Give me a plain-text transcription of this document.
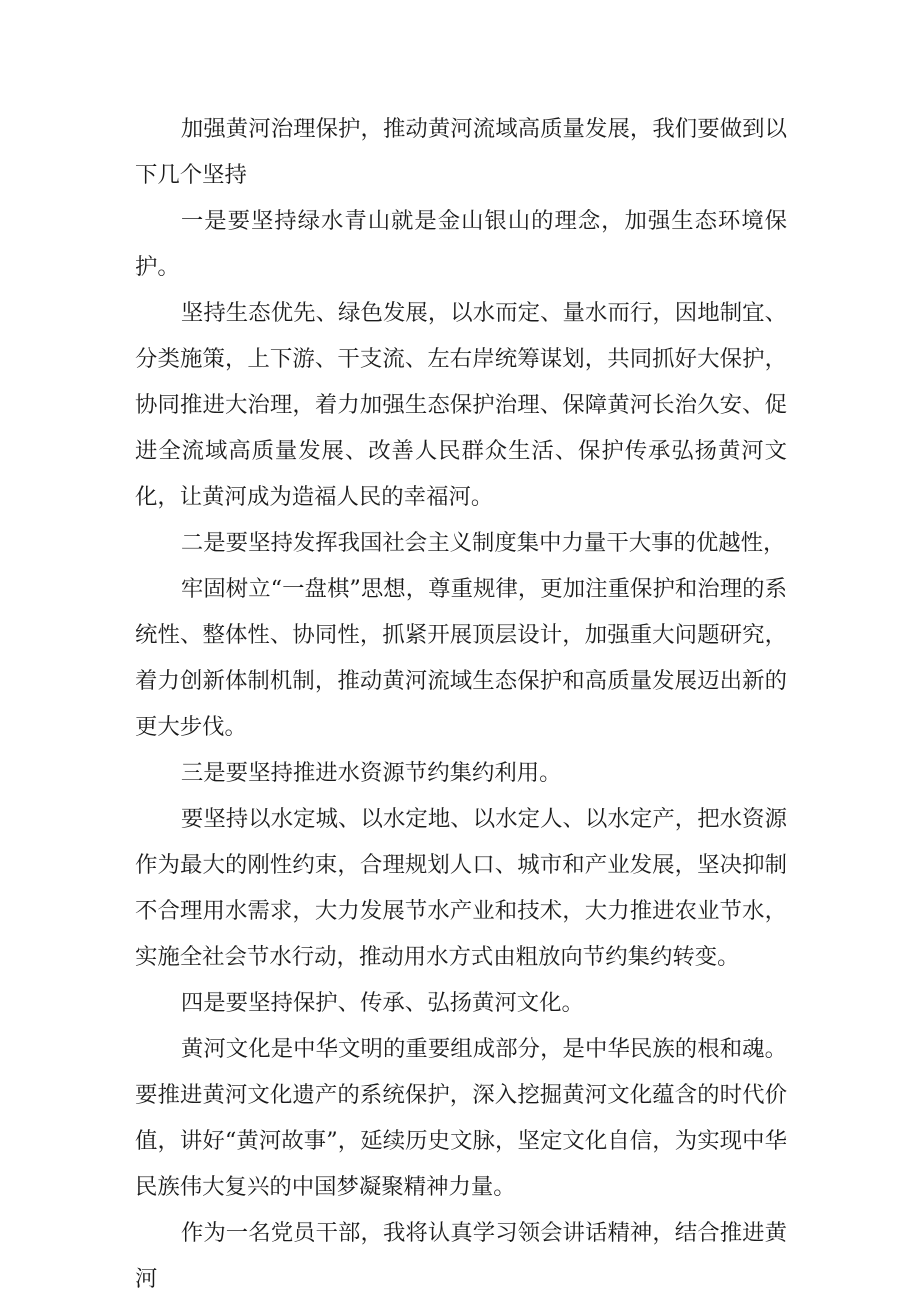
加强黄河治理保护，推动黄河流域高质量发展，我们要做到以下几个坚持

一是要坚持绿水青山就是金山银山的理念，加强生态环境保护。

坚持生态优先、绿色发展，以水而定、量水而行，因地制宜、分类施策，上下游、干支流、左右岸统筹谋划，共同抓好大保护，协同推进大治理，着力加强生态保护治理、保障黄河长治久安、促进全流域高质量发展、改善人民群众生活、保护传承弘扬黄河文化，让黄河成为造福人民的幸福河。

二是要坚持发挥我国社会主义制度集中力量干大事的优越性，

牢固树立“一盘棋”思想，尊重规律，更加注重保护和治理的系统性、整体性、协同性，抓紧开展顶层设计，加强重大问题研究，着力创新体制机制，推动黄河流域生态保护和高质量发展迈出新的更大步伐。

三是要坚持推进水资源节约集约利用。

要坚持以水定城、以水定地、以水定人、以水定产，把水资源作为最大的刚性约束，合理规划人口、城市和产业发展，坚决抑制不合理用水需求，大力发展节水产业和技术，大力推进农业节水，实施全社会节水行动，推动用水方式由粗放向节约集约转变。

四是要坚持保护、传承、弘扬黄河文化。

黄河文化是中华文明的重要组成部分，是中华民族的根和魂。要推进黄河文化遗产的系统保护，深入挖掘黄河文化蕴含的时代价值，讲好“黄河故事”，延续历史文脉，坚定文化自信，为实现中华民族伟大复兴的中国梦凝聚精神力量。

作为一名党员干部，我将认真学习领会讲话精神，结合推进黄河
